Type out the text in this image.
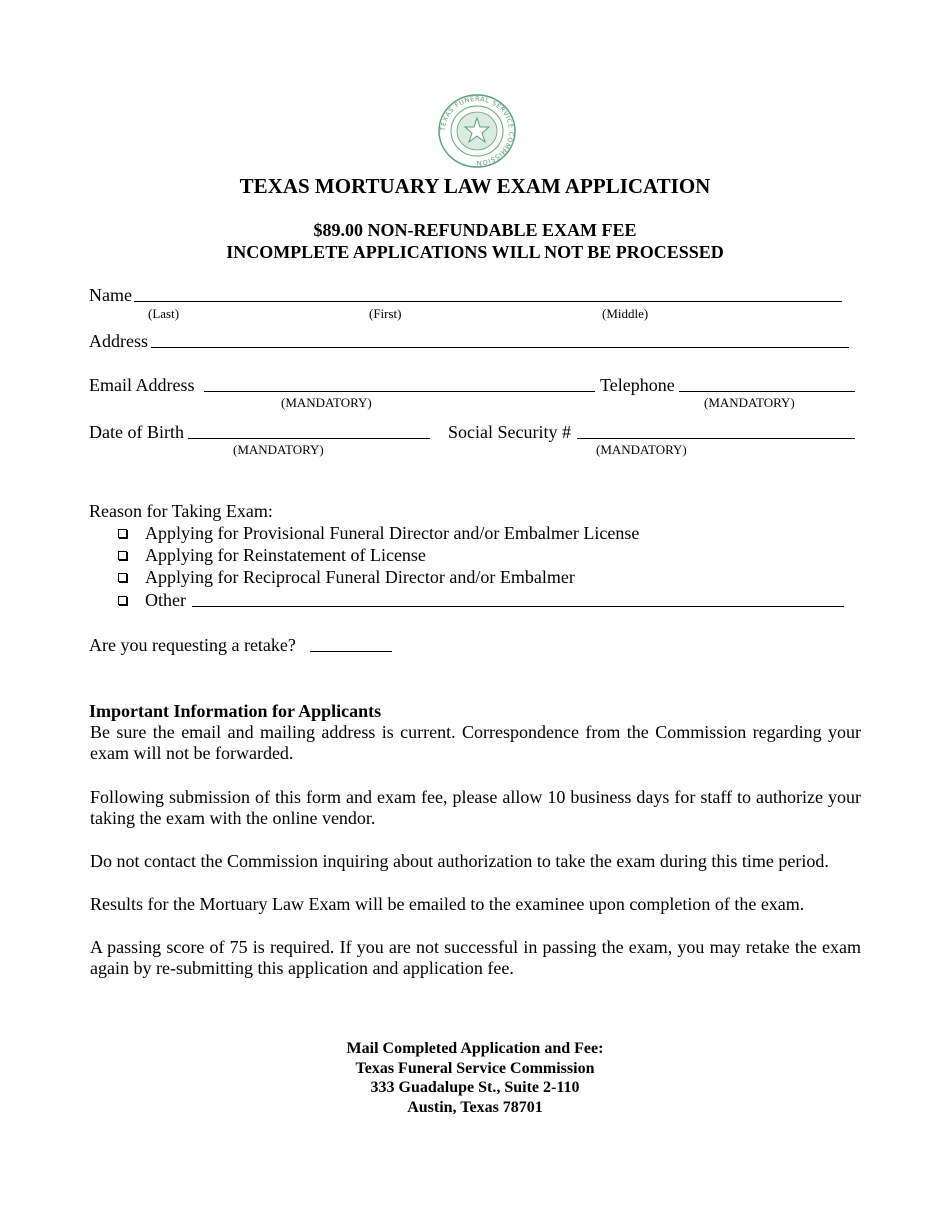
TEXAS FUNERAL SERVICE COMMISSION
TEXAS MORTUARY LAW EXAM APPLICATION
$89.00 NON-REFUNDABLE EXAM FEE
INCOMPLETE APPLICATIONS WILL NOT BE PROCESSED
Name
(Last)	(First)	(Middle)
Address
Email Address
(MANDATORY)
Telephone
(MANDATORY)
Date of Birth
(MANDATORY)
Social Security #
(MANDATORY)
Reason for Taking Exam:
Applying for Provisional Funeral Director and/or Embalmer License
Applying for Reinstatement of License
Applying for Reciprocal Funeral Director and/or Embalmer
Other
Are you requesting a retake?
Important Information for Applicants
Be sure the email and mailing address is current. Correspondence from the Commission regarding your exam will not be forwarded.
Following submission of this form and exam fee, please allow 10 business days for staff to authorize your taking the exam with the online vendor.
Do not contact the Commission inquiring about authorization to take the exam during this time period.
Results for the Mortuary Law Exam will be emailed to the examinee upon completion of the exam.
A passing score of 75 is required. If you are not successful in passing the exam, you may retake the exam again by re-submitting this application and application fee.
Mail Completed Application and Fee:
Texas Funeral Service Commission
333 Guadalupe St., Suite 2-110
Austin, Texas 78701
